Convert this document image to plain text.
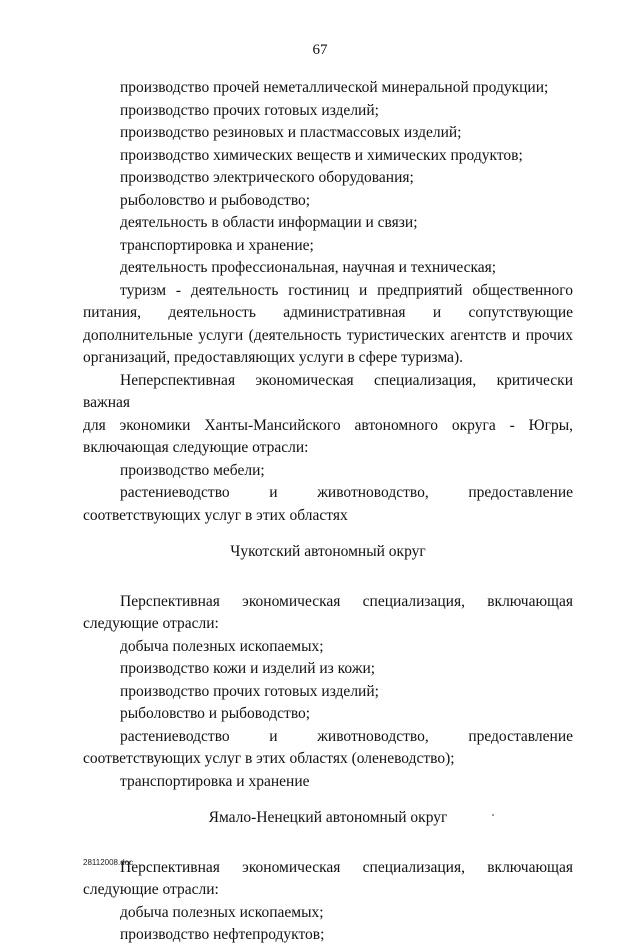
67
производство прочей неметаллической минеральной продукции;
производство прочих готовых изделий;
производство резиновых и пластмассовых изделий;
производство химических веществ и химических продуктов;
производство электрического оборудования;
рыболовство и рыбоводство;
деятельность в области информации и связи;
транспортировка и хранение;
деятельность профессиональная, научная и техническая;
туризм - деятельность гостиниц и предприятий общественного
питания, деятельность административная и сопутствующие
дополнительные услуги (деятельность туристических агентств и прочих организаций, предоставляющих услуги в сфере туризма).
Неперспективная экономическая специализация, критически важная
для экономики Ханты-Мансийского автономного округа - Югры,
включающая следующие отрасли:
производство мебели;
растениеводство и животноводство, предоставление
соответствующих услуг в этих областях
Чукотский автономный округ
Перспективная экономическая специализация, включающая
следующие отрасли:
добыча полезных ископаемых;
производство кожи и изделий из кожи;
производство прочих готовых изделий;
рыболовство и рыбоводство;
растениеводство и животноводство, предоставление
соответствующих услуг в этих областях (оленеводство);
транспортировка и хранение
Ямало-Ненецкий автономный округ
Перспективная экономическая специализация, включающая
следующие отрасли:
добыча полезных ископаемых;
производство нефтепродуктов;
28112008.doc
